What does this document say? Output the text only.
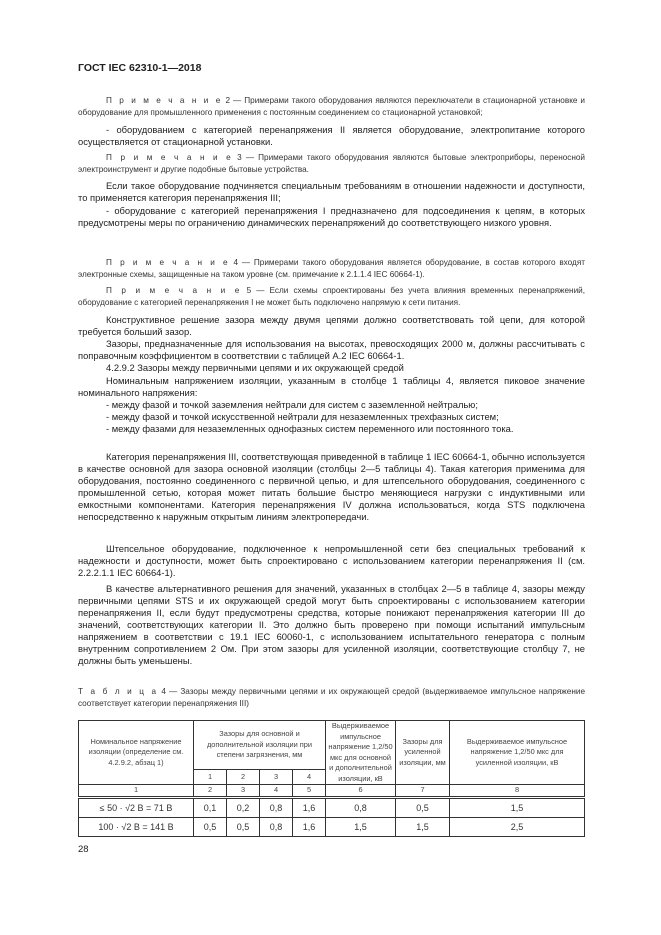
ГОСТ IEC 62310-1—2018

П р и м е ч а н и е 2 — Примерами такого оборудования являются переключатели в стационарной установке и оборудование для промышленного применения с постоянным соединением со стационарной установкой;

- оборудованием с категорией перенапряжения II является оборудование, электропитание которого осуществляется от стационарной установки.

П р и м е ч а н и е 3 — Примерами такого оборудования являются бытовые электроприборы, переносной электроинструмент и другие подобные бытовые устройства.

Если такое оборудование подчиняется специальным требованиям в отношении надежности и доступности, то применяется категория перенапряжения III;

- оборудование с категорией перенапряжения I предназначено для подсоединения к цепям, в которых предусмотрены меры по ограничению динамических перенапряжений до соответствующего низкого уровня.

П р и м е ч а н и е 4 — Примерами такого оборудования является оборудование, в состав которого входят электронные схемы, защищенные на таком уровне (см. примечание к 2.1.1.4 IEC 60664-1).

П р и м е ч а н и е 5 — Если схемы спроектированы без учета влияния временных перенапряжений, оборудование с категорией перенапряжения I не может быть подключено напрямую к сети питания.

Конструктивное решение зазора между двумя цепями должно соответствовать той цепи, для которой требуется больший зазор.

Зазоры, предназначенные для использования на высотах, превосходящих 2000 м, должны рассчитывать с поправочным коэффициентом в соответствии с таблицей А.2 IEC 60664-1.

4.2.9.2 Зазоры между первичными цепями и их окружающей средой

Номинальным напряжением изоляции, указанным в столбце 1 таблицы 4, является пиковое значение номинального напряжения:

- между фазой и точкой заземления нейтрали для систем с заземленной нейтралью;

- между фазой и точкой искусственной нейтрали для незаземленных трехфазных систем;

- между фазами для незаземленных однофазных систем переменного или постоянного тока.

Категория перенапряжения III, соответствующая приведенной в таблице 1 IEC 60664-1, обычно используется в качестве основной для зазора основной изоляции (столбцы 2—5 таблицы 4). Такая категория применима для оборудования, постоянно соединенного с первичной цепью, и для штепсельного оборудования, соединенного с промышленной сетью, которая может питать большие быстро меняющиеся нагрузки с индуктивными или емкостными компонентами. Категория перенапряжения IV должна использоваться, когда STS подключена непосредственно к наружным открытым линиям электропередачи.

Штепсельное оборудование, подключенное к непромышленной сети без специальных требований к надежности и доступности, может быть спроектировано с использованием категории перенапряжения II (см. 2.2.2.1.1 IEC 60664-1).

В качестве альтернативного решения для значений, указанных в столбцах 2—5 в таблице 4, зазоры между первичными цепями STS и их окружающей средой могут быть спроектированы с использованием категории перенапряжения II, если будут предусмотрены средства, которые понижают перенапряжения категории III до значений, соответствующих категории II. Это должно быть проверено при помощи испытаний импульсным напряжением в соответствии с 19.1 IEC 60060-1, с использованием испытательного генератора с полным внутренним сопротивлением 2 Ом. При этом зазоры для усиленной изоляции, соответствующие столбцу 7, не должны быть уменьшены.

Т а б л и ц а 4 — Зазоры между первичными цепями и их окружающей средой (выдерживаемое импульсное напряжение соответствует категории перенапряжения III)

Номинальное напряжение изоляции (определение см. 4.2.9.2, абзац 1)	Зазоры для основной и дополнительной изоляции при степени загрязнения, мм				Выдерживаемое импульсное напряжение 1,2/50 мкс для основной и дополнительной изоляции, кВ	Зазоры для усиленной изоляции, мм	Выдерживаемое импульсное напряжение 1,2/50 мкс для усиленной изоляции, кВ
	1	2	3	4			
1	2	3	4	5	6	7	8
≤ 50 · √2 В = 71 В	0,1	0,2	0,8	1,6	0,8	0,5	1,5
100 · √2 В = 141 В	0,5	0,5	0,8	1,6	1,5	1,5	2,5
28
